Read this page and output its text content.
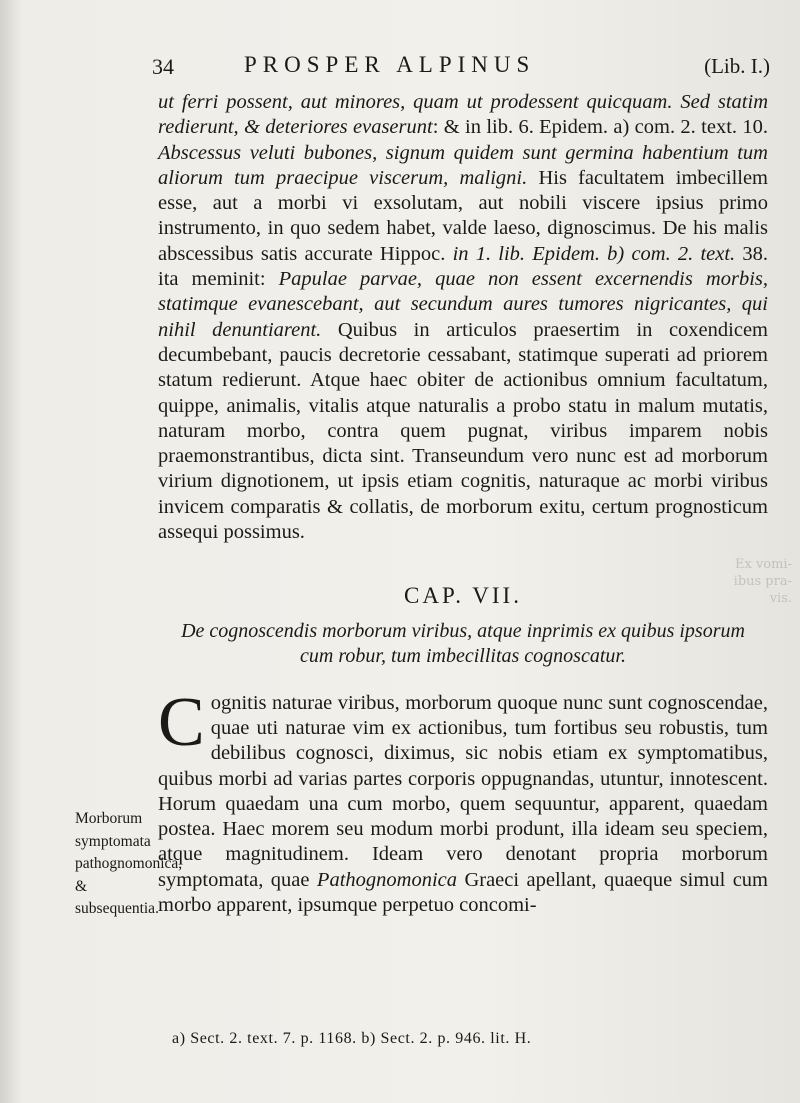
Ex vomi-
ibus pra-
vis.
34	PROSPER ALPINUS	(Lib. I.)

ut ferri possent, aut minores, quam ut prodessent quicquam. Sed statim redierunt, & deteriores evaserunt: & in lib. 6. Epidem. a) com. 2. text. 10. Abscessus veluti bubones, signum quidem sunt germina habentium tum aliorum tum praecipue viscerum, maligni. His facultatem imbecillem esse, aut a morbi vi exsolutam, aut nobili viscere ipsius primo instrumento, in quo sedem habet, valde laeso, dignoscimus. De his malis abscessibus satis accurate Hippoc. in 1. lib. Epidem. b) com. 2. text. 38. ita meminit: Papulae parvae, quae non essent excernendis morbis, statimque evanescebant, aut secundum aures tumores nigricantes, qui nihil denuntiarent. Quibus in articulos praesertim in coxendicem decumbebant, paucis decretorie cessabant, statimque superati ad priorem statum redierunt. Atque haec obiter de actionibus omnium facultatum, quippe, animalis, vitalis atque naturalis a probo statu in malum mutatis, naturam morbo, contra quem pugnat, viribus imparem nobis praemonstrantibus, dicta sint. Transeundum vero nunc est ad morborum virium dignotionem, ut ipsis etiam cognitis, naturaque ac morbi viribus invicem comparatis & collatis, de morborum exitu, certum prognosticum assequi possimus.

CAP. VII.
De cognoscendis morborum viribus, atque inprimis ex quibus ipsorum cum robur, tum imbecillitas cognoscatur.

Cognitis naturae viribus, morborum quoque nunc sunt cognoscendae, quae uti naturae vim ex actionibus, tum fortibus seu robustis, tum debilibus cognosci, diximus, sic nobis etiam ex symptomatibus, quibus morbi ad varias partes corporis oppugnandas, utuntur, innotescent. Horum quaedam una cum morbo, quem sequuntur, apparent, quaedam postea. Haec morem seu modum morbi produnt, illa ideam seu speciem, atque magnitudinem. Ideam vero denotant propria morborum symptomata, quae Pathognomonica Graeci apellant, quaeque simul cum morbo apparent, ipsumque perpetuo concomi-

Morborum symptomata pathognomonica, & subsequentia.
a) Sect. 2. text. 7. p. 1168. b) Sect. 2. p. 946. lit. H.
